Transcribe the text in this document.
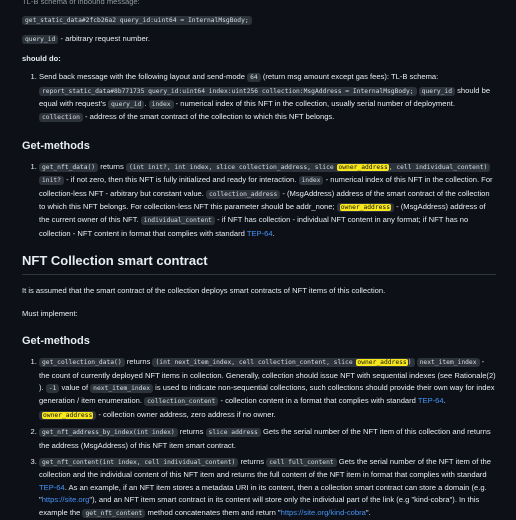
TL-B schema of inbound message:

get_static_data#2fcb26a2 query_id:uint64 = InternalMsgBody;

query_id - arbitrary request number.

should do:

1. Send back message with the following layout and send-mode 64 (return msg amount except gas fees): TL-B schema: report_static_data#8b771735 query_id:uint64 index:uint256 collection:MsgAddress = InternalMsgBody; query_id should be equal with request's query_id . index - numerical index of this NFT in the collection, usually serial number of deployment. collection - address of the smart contract of the collection to which this NFT belongs.
Get-methods
1. get_nft_data() returns (int init?, int index, slice collection_address, slice owner_address, cell individual_content) init? - if not zero, then this NFT is fully initialized and ready for interaction. index - numerical index of this NFT in the collection. For collection-less NFT - arbitrary but constant value. collection_address - (MsgAddress) address of the smart contract of the collection to which this NFT belongs. For collection-less NFT this parameter should be addr_none; owner_address - (MsgAddress) address of the current owner of this NFT. individual_content - if NFT has collection - individual NFT content in any format; if NFT has no collection - NFT content in format that complies with standard TEP-64.
NFT Collection smart contract

It is assumed that the smart contract of the collection deploys smart contracts of NFT items of this collection.

Must implement:

Get-methods
1. get_collection_data() returns (int next_item_index, cell collection_content, slice owner_address) next_item_index - the count of currently deployed NFT items in collection. Generally, collection should issue NFT with sequential indexes (see Rationale(2) ). -1 value of next_item_index is used to indicate non-sequential collections, such collections should provide their own way for index generation / item enumeration. collection_content - collection content in a format that complies with standard TEP-64. owner_address - collection owner address, zero address if no owner.
2. get_nft_address_by_index(int index) returns slice address Gets the serial number of the NFT item of this collection and returns the address (MsgAddress) of this NFT item smart contract.
3. get_nft_content(int index, cell individual_content) returns cell full_content Gets the serial number of the NFT item of the collection and the individual content of this NFT item and returns the full content of the NFT item in format that complies with standard TEP-64. As an example, if an NFT item stores a metadata URI in its content, then a collection smart contract can store a domain (e.g. "https://site.org"), and an NFT item smart contract in its content will store only the individual part of the link (e.g "kind-cobra"). In this example the get_nft_content method concatenates them and return "https://site.org/kind-cobra".
